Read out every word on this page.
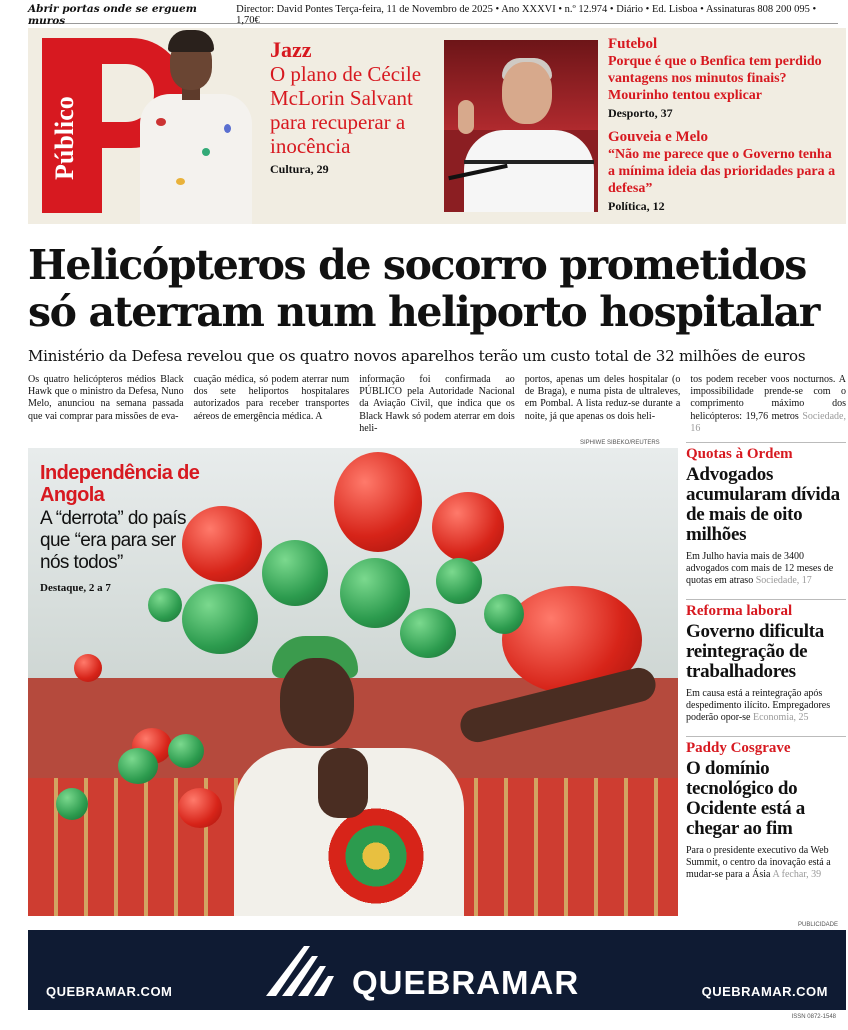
Abrir portas onde se erguem muros
Director: David Pontes Terça-feira, 11 de Novembro de 2025 • Ano XXXVI • n.º 12.974 • Diário • Ed. Lisboa • Assinaturas 808 200 095 • 1,70€
Público
Jazz
O plano de Cécile McLorin Salvant para recuperar a inocência
Cultura, 29
Futebol
Porque é que o Benfica tem perdido vantagens nos minutos finais? Mourinho tentou explicar
Desporto, 37
Gouveia e Melo
“Não me parece que o Governo tenha a mínima ideia das prioridades para a defesa”
Política, 12
Helicópteros de socorro prometidos só aterram num heliporto hospitalar
Ministério da Defesa revelou que os quatro novos aparelhos terão um custo total de 32 milhões de euros
Os quatro helicópteros médios Black Hawk que o ministro da Defesa, Nuno Melo, anunciou na semana passada que vai comprar para missões de eva-
cuação médica, só podem aterrar num dos sete heliportos hospitalares autorizados para receber transportes aéreos de emergência médica. A
informação foi confirmada ao PÚBLICO pela Autoridade Nacional da Aviação Civil, que indica que os Black Hawk só podem aterrar em dois heli-
portos, apenas um deles hospitalar (o de Braga), e numa pista de ultraleves, em Pombal. A lista reduz-se durante a noite, já que apenas os dois heli-
tos podem receber voos nocturnos. A impossibilidade prende-se com o comprimento máximo dos helicópteros: 19,76 metros Sociedade, 16
SIPHIWE SIBEKO/REUTERS
Independência de Angola
A “derrota” do país que “era para ser nós todos”
Destaque, 2 a 7
Quotas à Ordem
Advogados acumularam dívida de mais de oito milhões
Em Julho havia mais de 3400 advogados com mais de 12 meses de quotas em atraso Sociedade, 17
Reforma laboral
Governo dificulta reintegração de trabalhadores
Em causa está a reintegração após despedimento ilícito. Empregadores poderão opor-se Economia, 25
Paddy Cosgrave
O domínio tecnológico do Ocidente está a chegar ao fim
Para o presidente executivo da Web Summit, o centro da inovação está a mudar-se para a Ásia A fechar, 39
PUBLICIDADE
QUEBRAMAR
QUEBRAMAR.COM	QUEBRAMAR.COM
ISSN 0872-1548
